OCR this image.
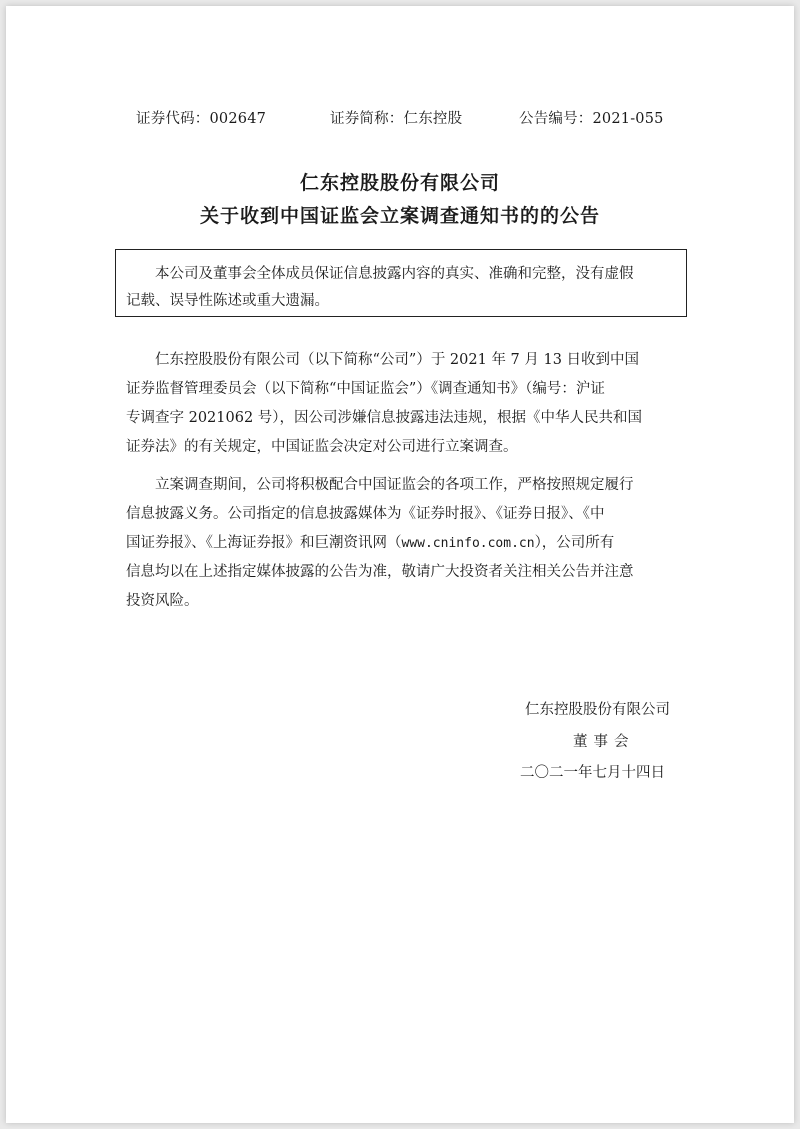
证券代码：002647	证券简称：仁东控股	公告编号：2021-055
仁东控股股份有限公司
关于收到中国证监会立案调查通知书的的公告
本公司及董事会全体成员保证信息披露内容的真实、准确和完整，没有虚假
记载、误导性陈述或重大遗漏。
仁东控股股份有限公司（以下简称“公司”）于 2021 年 7 月 13 日收到中国
证券监督管理委员会（以下简称“中国证监会”）《调查通知书》（编号：沪证
专调查字 2021062 号），因公司涉嫌信息披露违法违规，根据《中华人民共和国
证券法》的有关规定，中国证监会决定对公司进行立案调查。
立案调查期间，公司将积极配合中国证监会的各项工作，严格按照规定履行
信息披露义务。公司指定的信息披露媒体为《证券时报》、《证券日报》、《中
国证券报》、《上海证券报》和巨潮资讯网（www.cninfo.com.cn），公司所有
信息均以在上述指定媒体披露的公告为准，敬请广大投资者关注相关公告并注意
投资风险。
仁东控股股份有限公司
董事会
二〇二一年七月十四日
